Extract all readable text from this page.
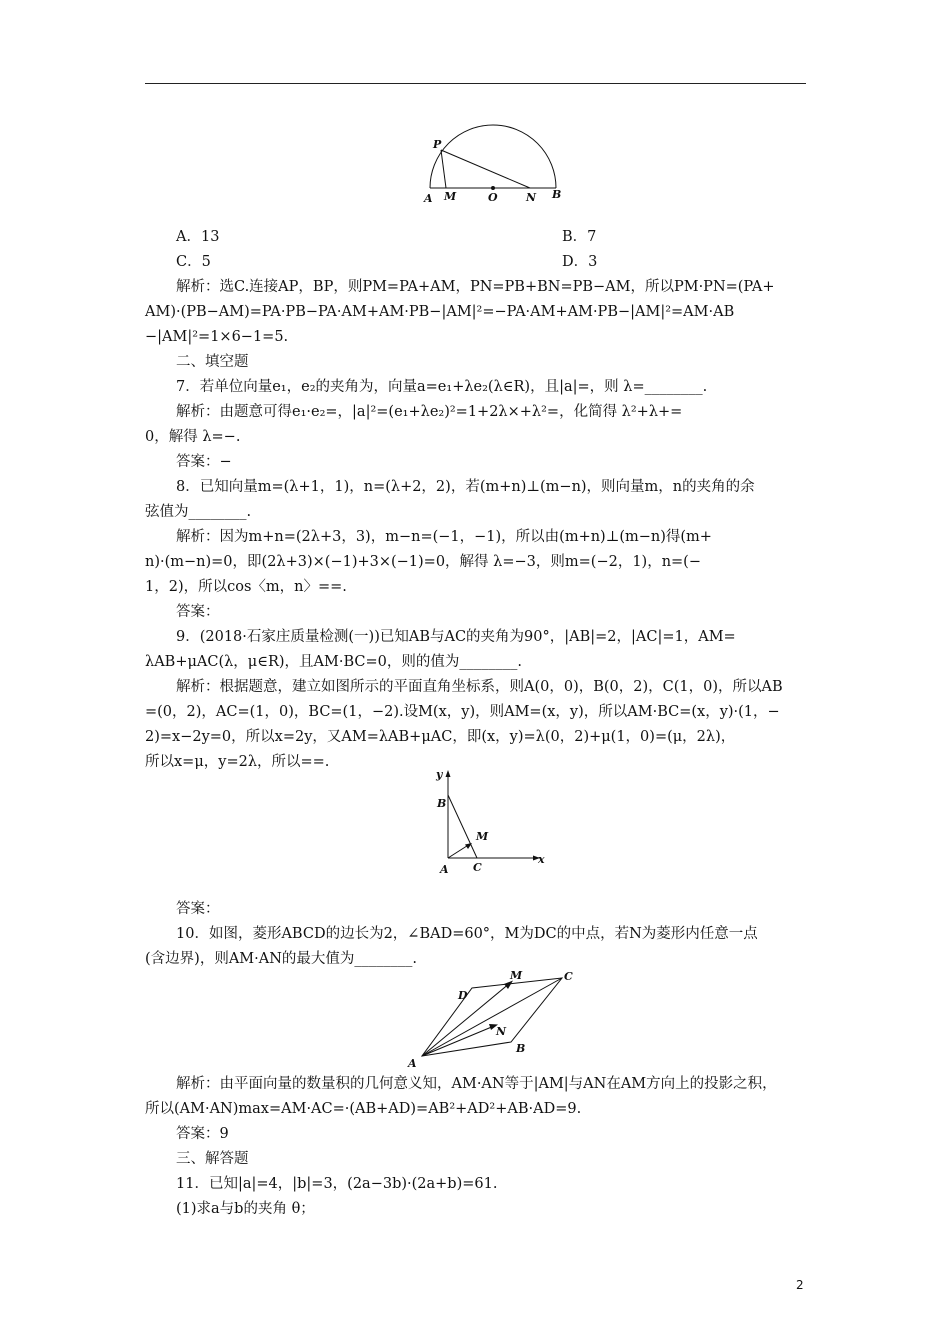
P
A M	O	N B
y
B
M
A C
x
D
M	C
N
A
B
A．13	B．7
C．5	D．3
解析：选C.连接AP，BP，则PM=PA+AM，PN=PB+BN=PB−AM，所以PM·PN=(PA+
AM)·(PB−AM)=PA·PB−PA·AM+AM·PB−|AM|²=−PA·AM+AM·PB−|AM|²=AM·AB
−|AM|²=1×6−1=5.
二、填空题
7．若单位向量e₁，e₂的夹角为，向量a=e₁+λe₂(λ∈R)，且|a|=，则 λ=________.
解析：由题意可得e₁·e₂=，|a|²=(e₁+λe₂)²=1+2λ×+λ²=，化简得 λ²+λ+=
0，解得 λ=−.
答案：−
8．已知向量m=(λ+1，1)，n=(λ+2，2)，若(m+n)⊥(m−n)，则向量m，n的夹角的余
弦值为________.
解析：因为m+n=(2λ+3，3)，m−n=(−1，−1)，所以由(m+n)⊥(m−n)得(m+
n)·(m−n)=0，即(2λ+3)×(−1)+3×(−1)=0，解得 λ=−3，则m=(−2，1)，n=(−
1，2)，所以cos〈m，n〉==.
答案：
9．(2018·石家庄质量检测(一))已知AB与AC的夹角为90°，|AB|=2，|AC|=1，AM=
λAB+μAC(λ，μ∈R)，且AM·BC=0，则的值为________.
解析：根据题意，建立如图所示的平面直角坐标系，则A(0，0)，B(0，2)，C(1，0)，所以AB
=(0，2)，AC=(1，0)，BC=(1，−2).设M(x，y)，则AM=(x，y)，所以AM·BC=(x，y)·(1，−
2)=x−2y=0，所以x=2y，又AM=λAB+μAC，即(x，y)=λ(0，2)+μ(1，0)=(μ，2λ)，
所以x=μ，y=2λ，所以==.
答案：
10．如图，菱形ABCD的边长为2，∠BAD=60°，M为DC的中点，若N为菱形内任意一点
(含边界)，则AM·AN的最大值为________.
解析：由平面向量的数量积的几何意义知，AM·AN等于|AM|与AN在AM方向上的投影之积，
所以(AM·AN)max=AM·AC=·(AB+AD)=AB²+AD²+AB·AD=9.
答案：9
三、解答题
11．已知|a|=4，|b|=3，(2a−3b)·(2a+b)=61.
(1)求a与b的夹角 θ；
2
